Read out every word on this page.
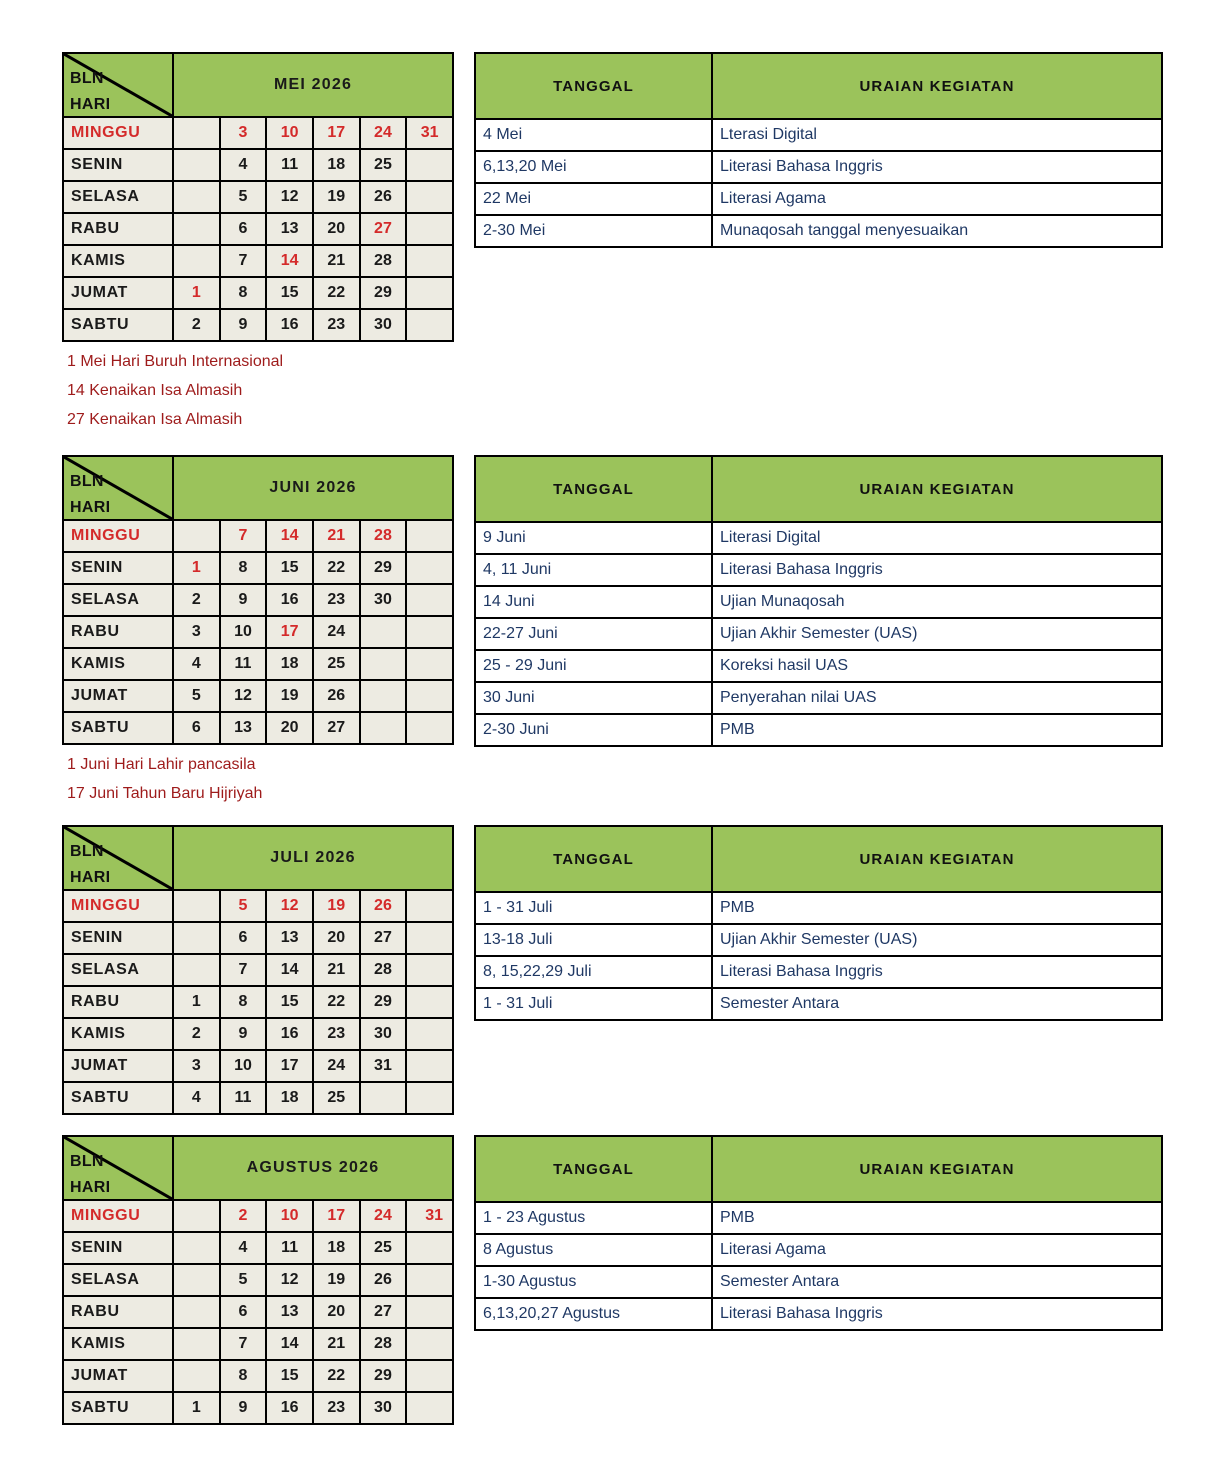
BLN
HARI	MEI 2026					
MINGGU		3	10	17	24	31
SENIN		4	11	18	25	
SELASA		5	12	19	26	
RABU		6	13	20	27	
KAMIS		7	14	21	28	
JUMAT	1	8	15	22	29	
SABTU	2	9	16	23	30	
1 Mei Hari Buruh Internasional
14 Kenaikan Isa Almasih
27 Kenaikan Isa Almasih
TANGGAL	URAIAN KEGIATAN
4 Mei	Lterasi Digital
6,13,20 Mei	Literasi Bahasa Inggris
22 Mei	Literasi Agama
2-30 Mei	Munaqosah tanggal menyesuaikan
BLN
HARI	JUNI 2026					
MINGGU		7	14	21	28	
SENIN	1	8	15	22	29	
SELASA	2	9	16	23	30	
RABU	3	10	17	24		
KAMIS	4	11	18	25		
JUMAT	5	12	19	26		
SABTU	6	13	20	27		
1 Juni Hari Lahir pancasila
17 Juni Tahun Baru Hijriyah
TANGGAL	URAIAN KEGIATAN
9 Juni	Literasi Digital
4, 11 Juni	Literasi Bahasa Inggris
14 Juni	Ujian Munaqosah
22-27 Juni	Ujian Akhir Semester (UAS)
25 - 29 Juni	Koreksi hasil UAS
30 Juni	Penyerahan nilai UAS
2-30 Juni	PMB
BLN
HARI	JULI 2026					
MINGGU		5	12	19	26	
SENIN		6	13	20	27	
SELASA		7	14	21	28	
RABU	1	8	15	22	29	
KAMIS	2	9	16	23	30	
JUMAT	3	10	17	24	31	
SABTU	4	11	18	25		
TANGGAL	URAIAN KEGIATAN
1 - 31 Juli	PMB
13-18 Juli	Ujian Akhir Semester (UAS)
8, 15,22,29 Juli	Literasi Bahasa Inggris
1 - 31 Juli	Semester Antara
BLN
HARI	AGUSTUS 2026					
MINGGU		2	10	17	24	31
SENIN		4	11	18	25	
SELASA		5	12	19	26	
RABU		6	13	20	27	
KAMIS		7	14	21	28	
JUMAT		8	15	22	29	
SABTU	1	9	16	23	30	
TANGGAL	URAIAN KEGIATAN
1 - 23 Agustus	PMB
8 Agustus	Literasi Agama
1-30 Agustus	Semester Antara
6,13,20,27 Agustus	Literasi Bahasa Inggris
